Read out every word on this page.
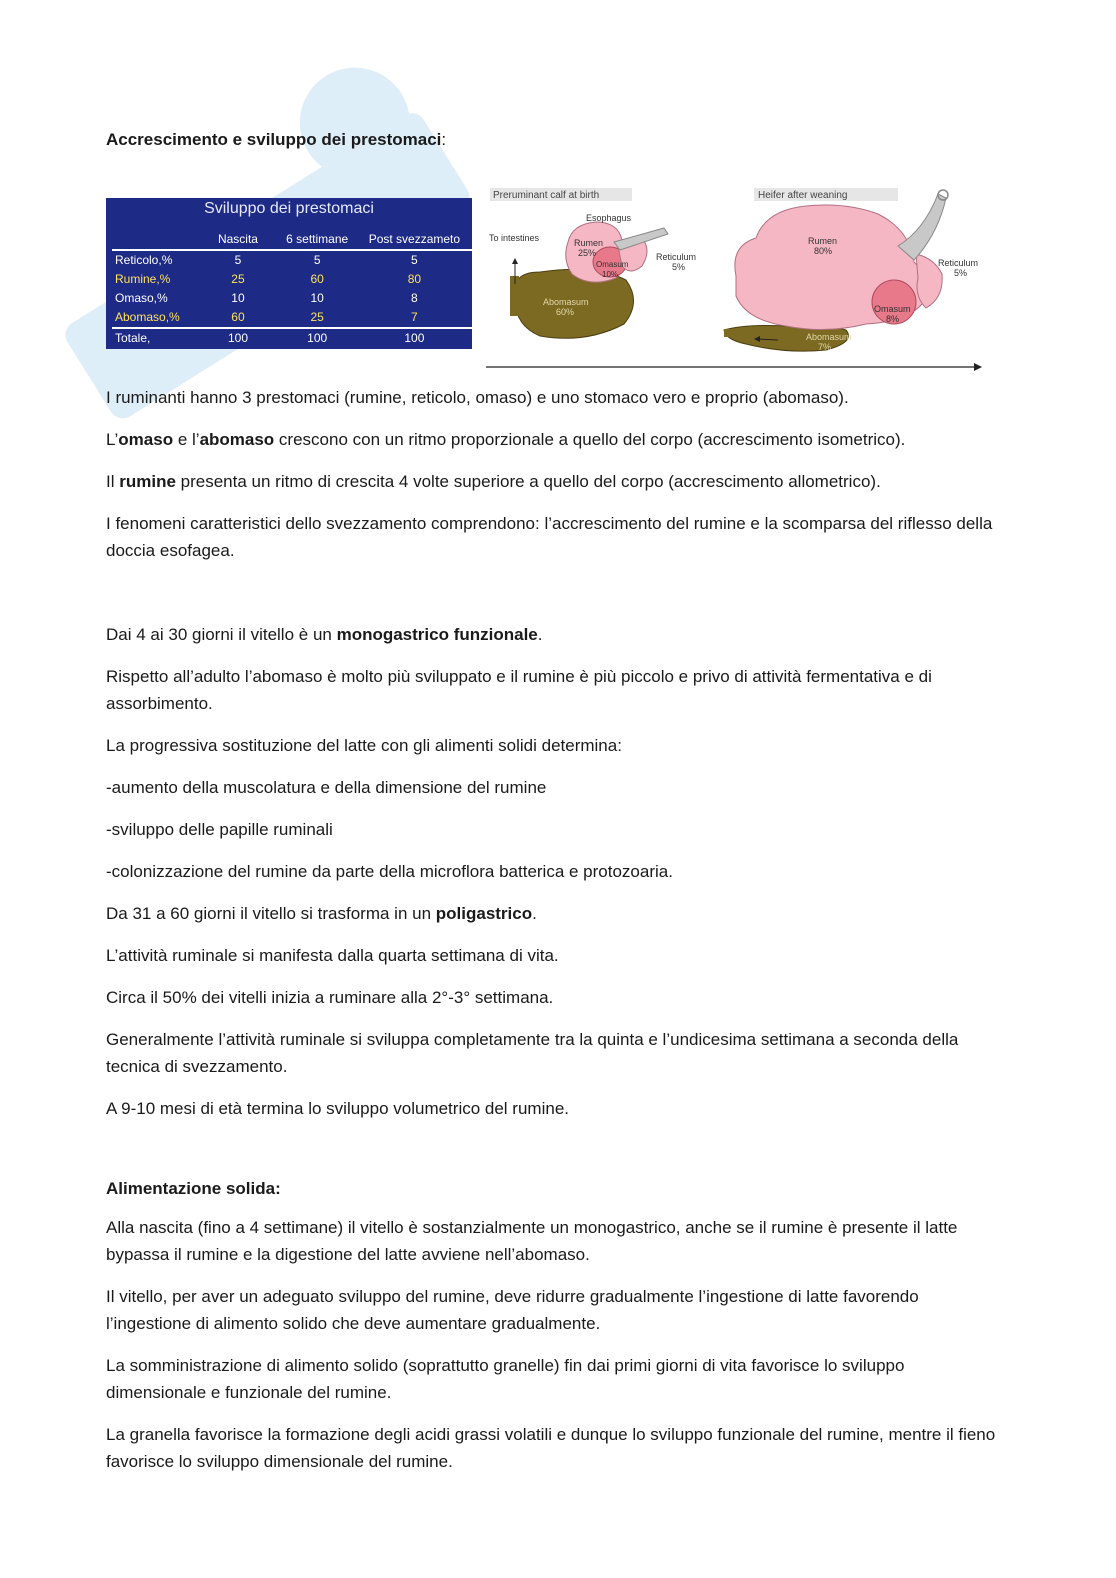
Accrescimento e sviluppo dei prestomaci:
Sviluppo dei prestomaci
	Nascita	6 settimane	Post svezzameto
Reticolo,%	5	5	5
Rumine,%	25	60	80
Omaso,%	10	10	8
Abomaso,%	60	25	7
Totale,	100	100	100
Preruminant calf at birth	Heifer after weaning
Esophagus
To intestines	Rumen
25%
Omasum
10%
Reticulum
5%
Abomasum
60%
Rumen
80%
Reticulum
5%
Omasum
8%
Abomasum
7%

I ruminanti hanno 3 prestomaci (rumine, reticolo, omaso) e uno stomaco vero e proprio (abomaso).

L’omaso e l’abomaso crescono con un ritmo proporzionale a quello del corpo (accrescimento isometrico).

Il rumine presenta un ritmo di crescita 4 volte superiore a quello del corpo (accrescimento allometrico).

I fenomeni caratteristici dello svezzamento comprendono: l’accrescimento del rumine e la scomparsa del riflesso della doccia esofagea.

Dai 4 ai 30 giorni il vitello è un monogastrico funzionale.

Rispetto all’adulto l’abomaso è molto più sviluppato e il rumine è più piccolo e privo di attività fermentativa e di assorbimento.

La progressiva sostituzione del latte con gli alimenti solidi determina:

-aumento della muscolatura e della dimensione del rumine

-sviluppo delle papille ruminali

-colonizzazione del rumine da parte della microflora batterica e protozoaria.

Da 31 a 60 giorni il vitello si trasforma in un poligastrico.

L’attività ruminale si manifesta dalla quarta settimana di vita.

Circa il 50% dei vitelli inizia a ruminare alla 2°-3° settimana.

Generalmente l’attività ruminale si sviluppa completamente tra la quinta e l’undicesima settimana a seconda della tecnica di svezzamento.

A 9-10 mesi di età termina lo sviluppo volumetrico del rumine.

Alimentazione solida:

Alla nascita (fino a 4 settimane) il vitello è sostanzialmente un monogastrico, anche se il rumine è presente il latte bypassa il rumine e la digestione del latte avviene nell’abomaso.

Il vitello, per aver un adeguato sviluppo del rumine, deve ridurre gradualmente l’ingestione di latte favorendo l’ingestione di alimento solido che deve aumentare gradualmente.

La somministrazione di alimento solido (soprattutto granelle) fin dai primi giorni di vita favorisce lo sviluppo dimensionale e funzionale del rumine.

La granella favorisce la formazione degli acidi grassi volatili e dunque lo sviluppo funzionale del rumine, mentre il fieno favorisce lo sviluppo dimensionale del rumine.
